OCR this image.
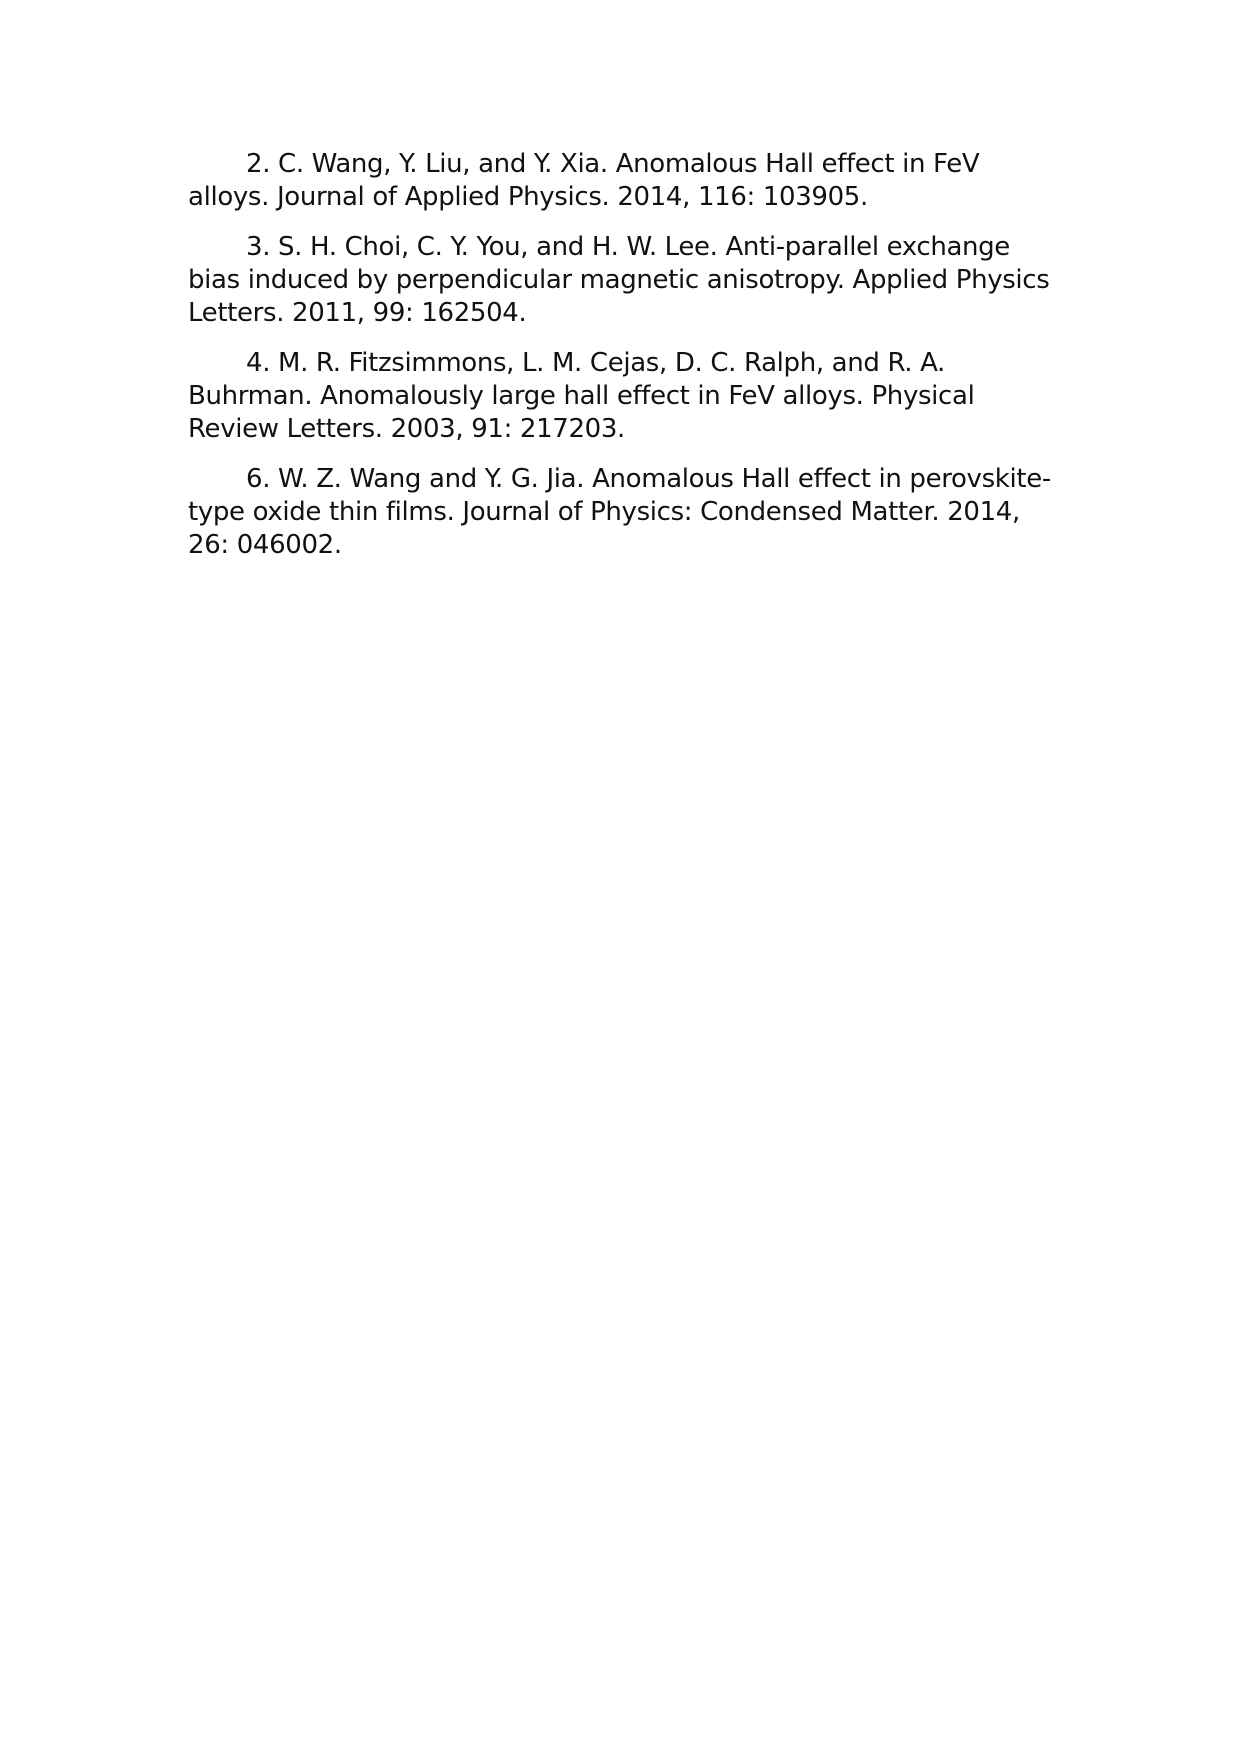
2. C. Wang, Y. Liu, and Y. Xia. Anomalous Hall effect in FeV alloys. Journal of Applied Physics. 2014, 116: 103905.

3. S. H. Choi, C. Y. You, and H. W. Lee. Anti-parallel exchange bias induced by perpendicular magnetic anisotropy. Applied Physics Letters. 2011, 99: 162504.

4. M. R. Fitzsimmons, L. M. Cejas, D. C. Ralph, and R. A. Buhrman. Anomalously large hall effect in FeV alloys. Physical Review Letters. 2003, 91: 217203.

6. W. Z. Wang and Y. G. Jia. Anomalous Hall effect in perovskite-type oxide thin films. Journal of Physics: Condensed Matter. 2014, 26: 046002.
